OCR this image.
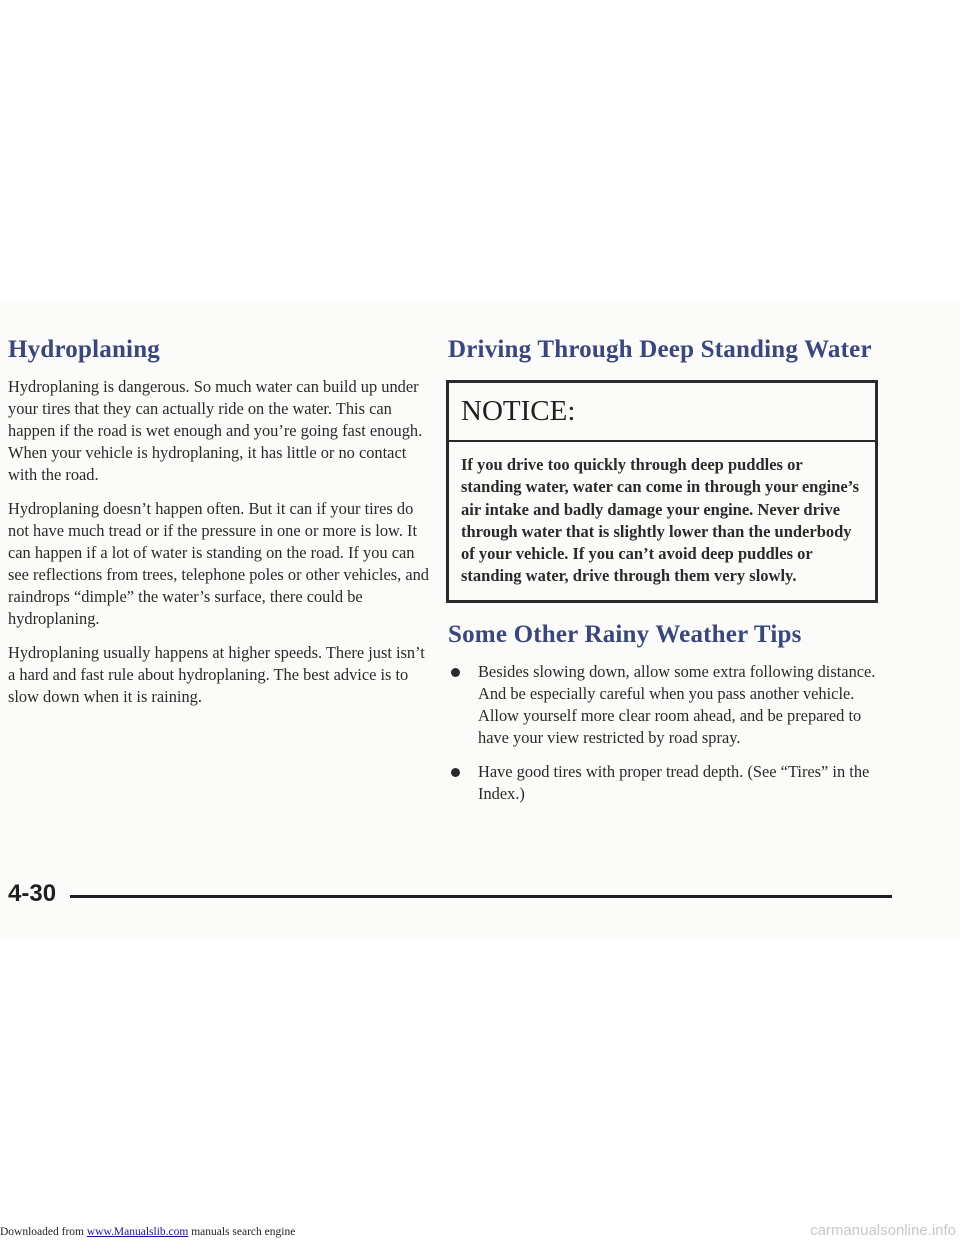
Hydroplaning

Hydroplaning is dangerous. So much water can build up under your tires that they can actually ride on the water. This can happen if the road is wet enough and you’re going fast enough. When your vehicle is hydroplaning, it has little or no contact with the road.

Hydroplaning doesn’t happen often. But it can if your tires do not have much tread or if the pressure in one or more is low. It can happen if a lot of water is standing on the road. If you can see reflections from trees, telephone poles or other vehicles, and raindrops “dimple” the water’s surface, there could be hydroplaning.

Hydroplaning usually happens at higher speeds. There just isn’t a hard and fast rule about hydroplaning. The best advice is to slow down when it is raining.

Driving Through Deep Standing Water
NOTICE:
If you drive too quickly through deep puddles or standing water, water can come in through your engine’s air intake and badly damage your engine. Never drive through water that is slightly lower than the underbody of your vehicle. If you can’t avoid deep puddles or standing water, drive through them very slowly.
Some Other Rainy Weather Tips
Besides slowing down, allow some extra following distance. And be especially careful when you pass another vehicle. Allow yourself more clear room ahead, and be prepared to have your view restricted by road spray.
Have good tires with proper tread depth. (See “Tires” in the Index.)
4-30
Downloaded from www.Manualslib.com manuals search engine	carmanualsonline.info
